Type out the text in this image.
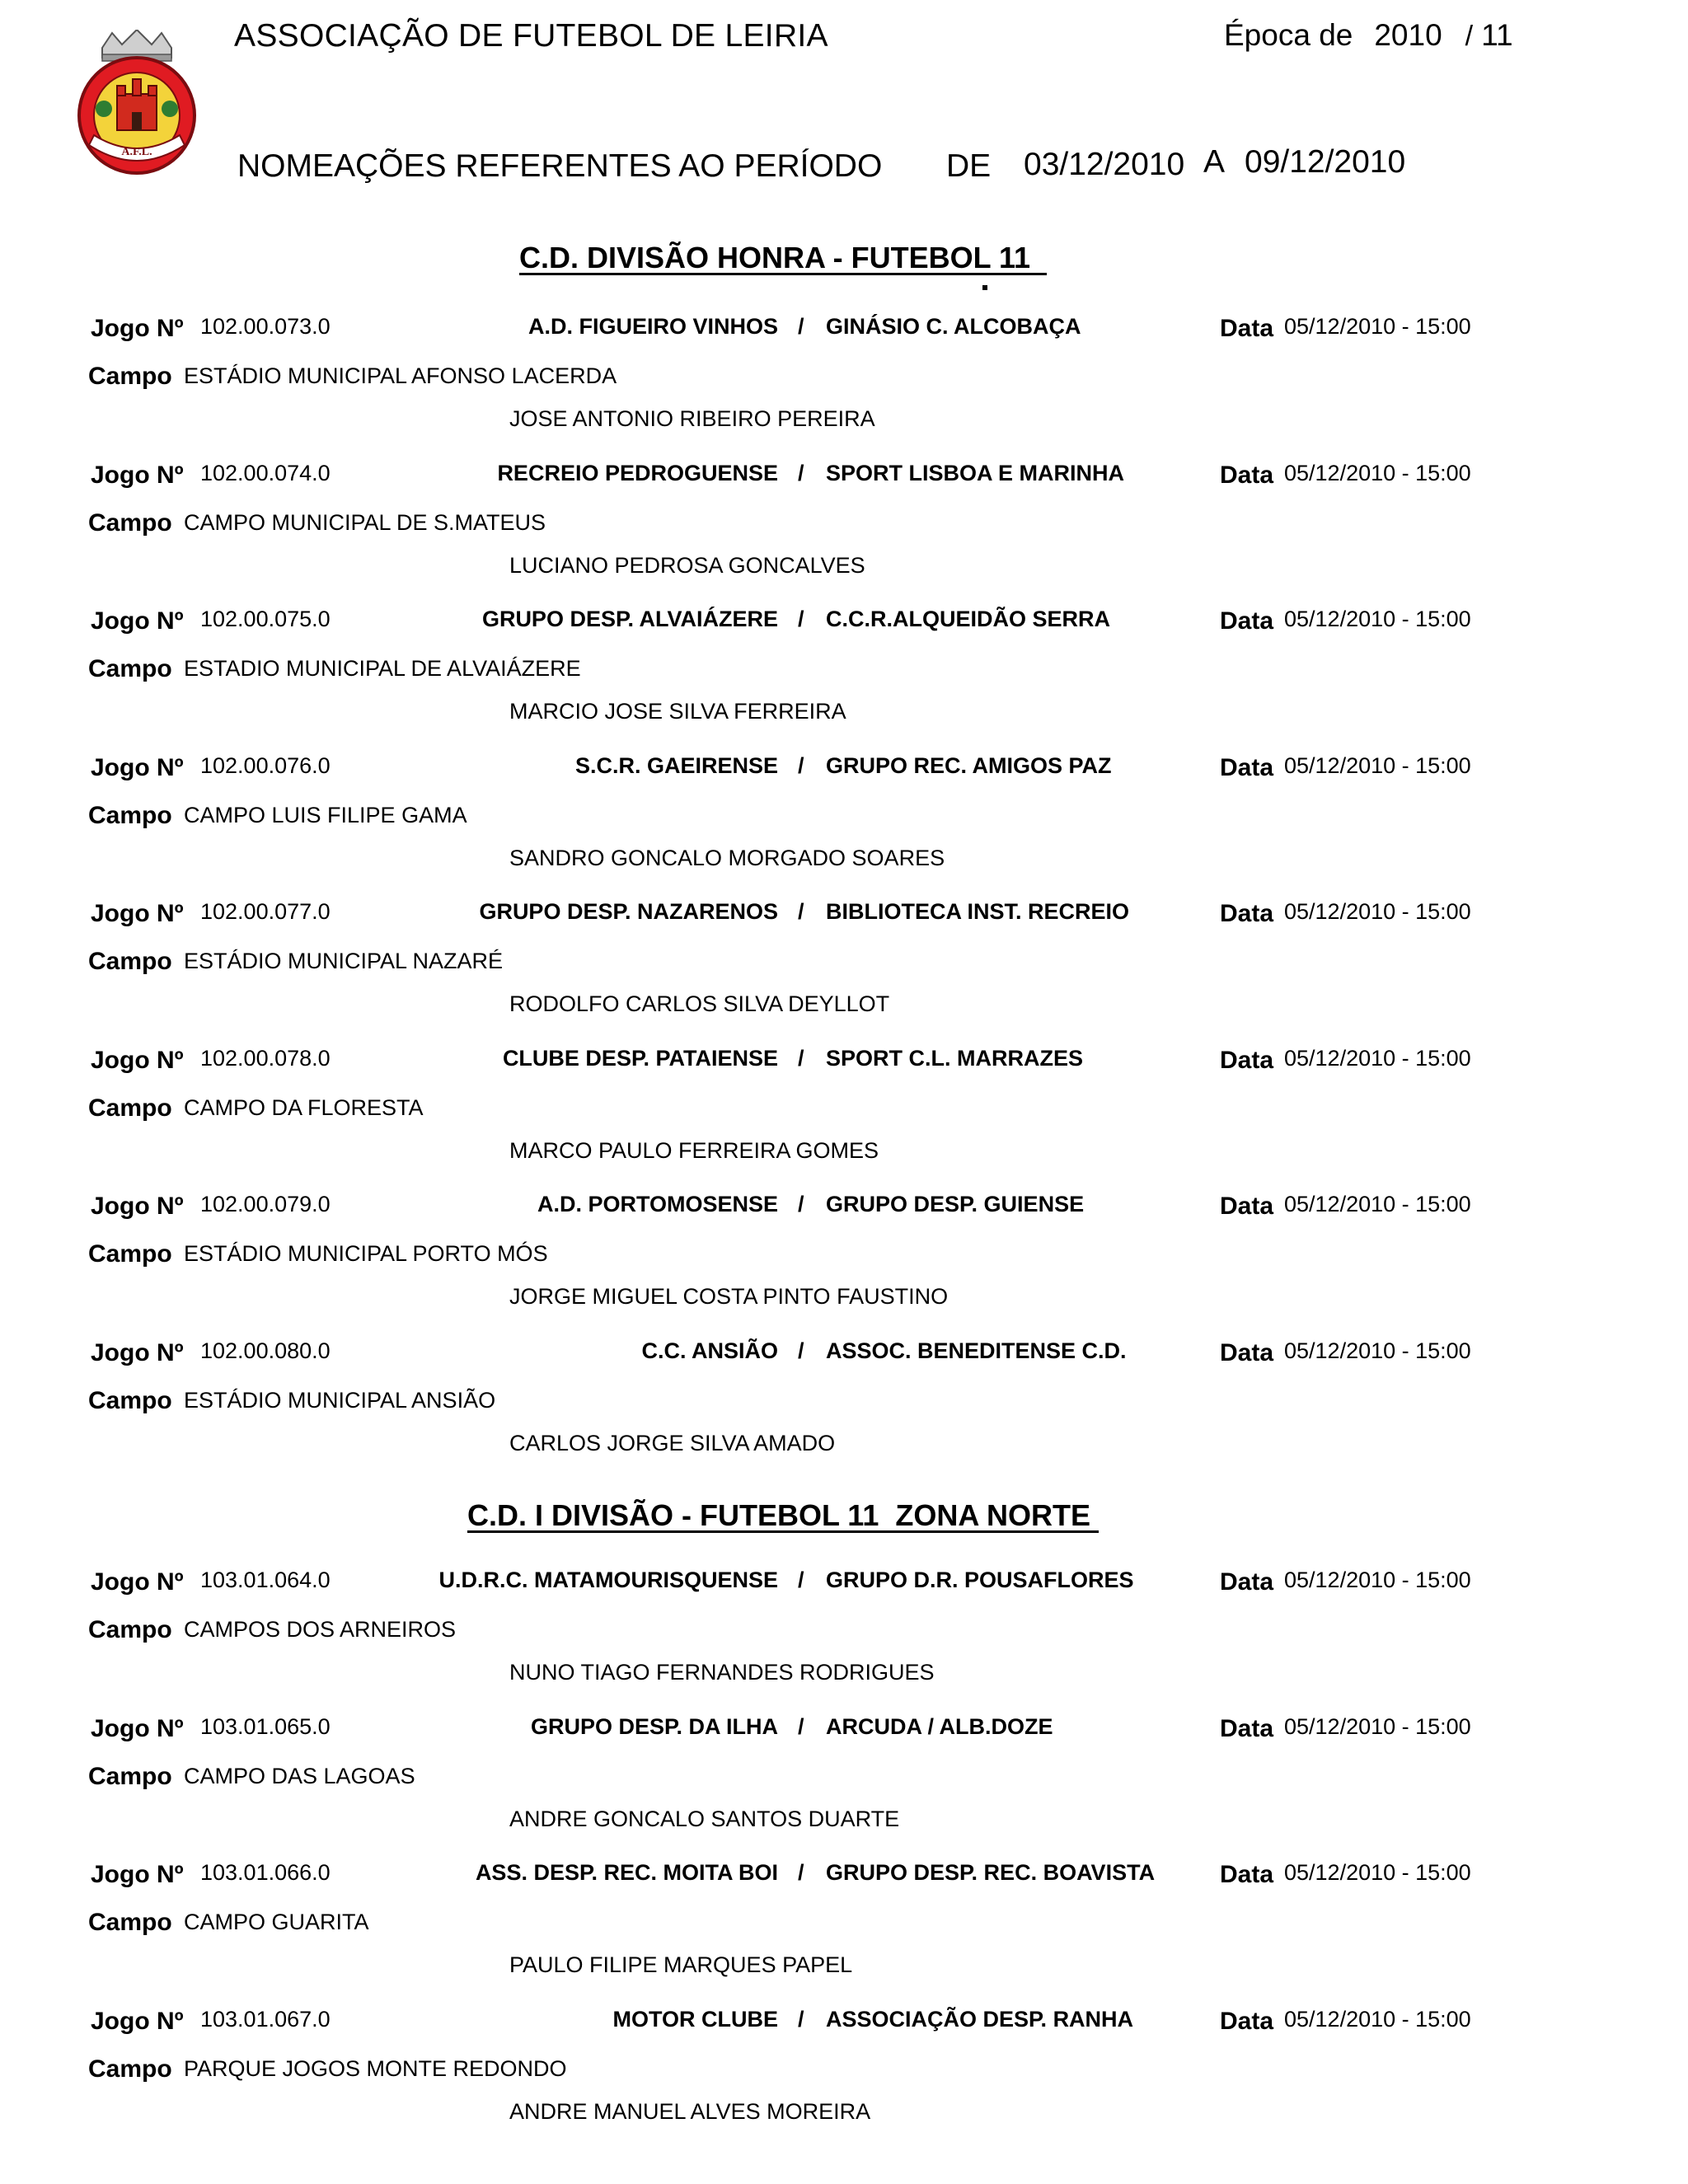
A.F.L.
ASSOCIAÇÃO DE FUTEBOL DE LEIRIA	Época de 2010 / 11
NOMEAÇÕES REFERENTES AO PERÍODO DE 03/12/2010 A 09/12/2010
C.D. DIVISÃO HONRA - FUTEBOL 11
Jogo Nº 102.00.073.0	A.D. FIGUEIRO VINHOS / GINÁSIO C. ALCOBAÇA	Data 05/12/2010 - 15:00
Campo ESTÁDIO MUNICIPAL AFONSO LACERDA
JOSE ANTONIO RIBEIRO PEREIRA
Jogo Nº 102.00.074.0	RECREIO PEDROGUENSE / SPORT LISBOA E MARINHA	Data 05/12/2010 - 15:00
Campo CAMPO MUNICIPAL DE S.MATEUS
LUCIANO PEDROSA GONCALVES
Jogo Nº 102.00.075.0	GRUPO DESP. ALVAIÁZERE / C.C.R.ALQUEIDÃO SERRA	Data 05/12/2010 - 15:00
Campo ESTADIO MUNICIPAL DE ALVAIÁZERE
MARCIO JOSE SILVA FERREIRA
Jogo Nº 102.00.076.0	S.C.R. GAEIRENSE / GRUPO REC. AMIGOS PAZ	Data 05/12/2010 - 15:00
Campo CAMPO LUIS FILIPE GAMA
SANDRO GONCALO MORGADO SOARES
Jogo Nº 102.00.077.0	GRUPO DESP. NAZARENOS / BIBLIOTECA INST. RECREIO	Data 05/12/2010 - 15:00
Campo ESTÁDIO MUNICIPAL NAZARÉ
RODOLFO CARLOS SILVA DEYLLOT
Jogo Nº 102.00.078.0	CLUBE DESP. PATAIENSE / SPORT C.L. MARRAZES	Data 05/12/2010 - 15:00
Campo CAMPO DA FLORESTA
MARCO PAULO FERREIRA GOMES
Jogo Nº 102.00.079.0	A.D. PORTOMOSENSE / GRUPO DESP. GUIENSE	Data 05/12/2010 - 15:00
Campo ESTÁDIO MUNICIPAL PORTO MÓS
JORGE MIGUEL COSTA PINTO FAUSTINO
Jogo Nº 102.00.080.0	C.C. ANSIÃO / ASSOC. BENEDITENSE C.D.	Data 05/12/2010 - 15:00
Campo ESTÁDIO MUNICIPAL ANSIÃO
CARLOS JORGE SILVA AMADO
C.D. I DIVISÃO - FUTEBOL 11  ZONA NORTE
Jogo Nº 103.01.064.0	U.D.R.C. MATAMOURISQUENSE / GRUPO D.R. POUSAFLORES	Data 05/12/2010 - 15:00
Campo CAMPOS DOS ARNEIROS
NUNO TIAGO FERNANDES RODRIGUES
Jogo Nº 103.01.065.0	GRUPO DESP. DA ILHA / ARCUDA / ALB.DOZE	Data 05/12/2010 - 15:00
Campo CAMPO DAS LAGOAS
ANDRE GONCALO SANTOS DUARTE
Jogo Nº 103.01.066.0	ASS. DESP. REC. MOITA BOI / GRUPO DESP. REC. BOAVISTA	Data 05/12/2010 - 15:00
Campo CAMPO GUARITA
PAULO FILIPE MARQUES PAPEL
Jogo Nº 103.01.067.0	MOTOR CLUBE / ASSOCIAÇÃO DESP. RANHA	Data 05/12/2010 - 15:00
Campo PARQUE JOGOS MONTE REDONDO
ANDRE MANUEL ALVES MOREIRA
